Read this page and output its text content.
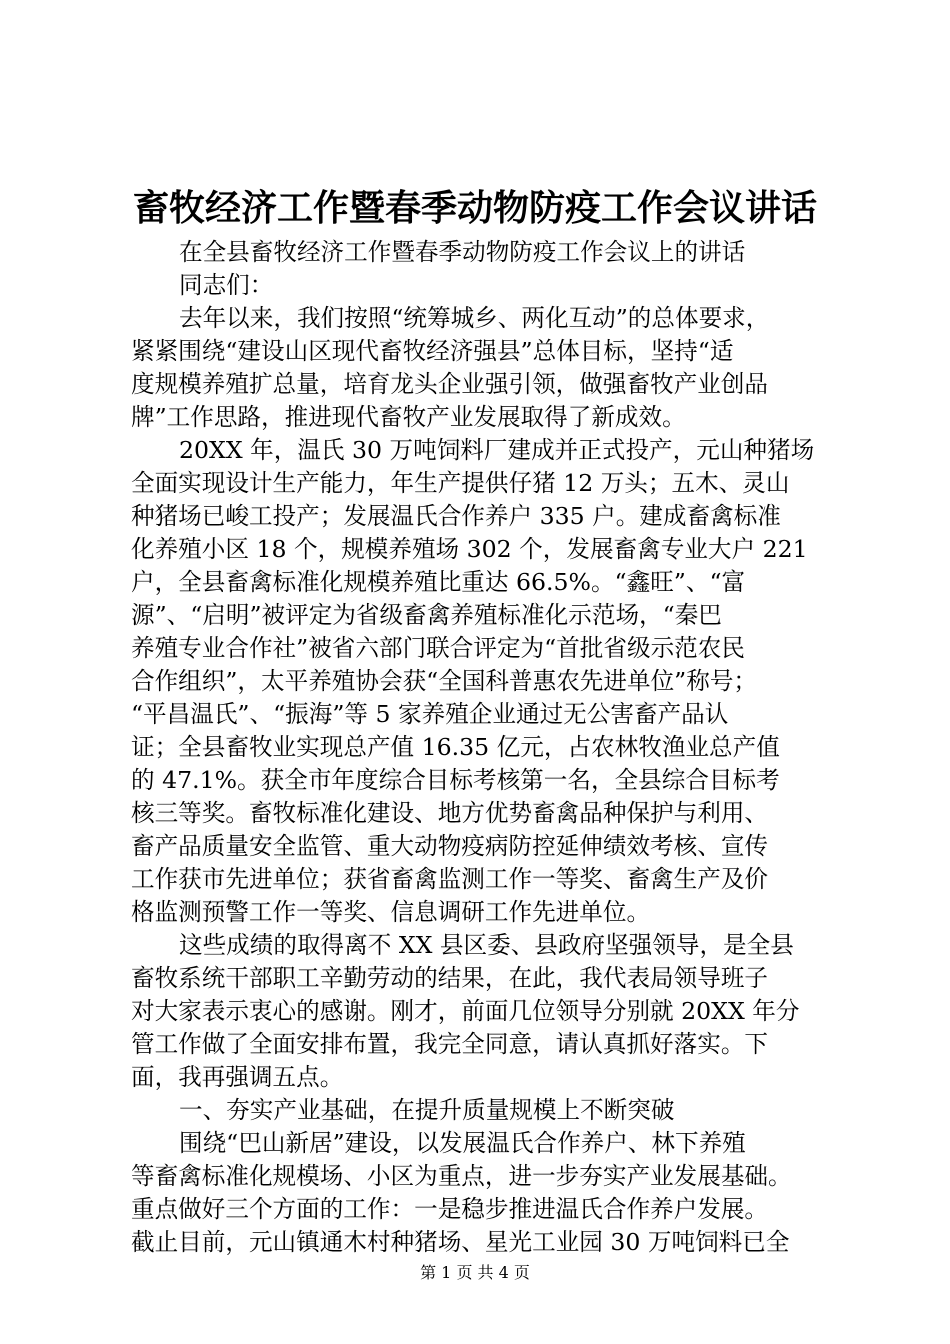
畜牧经济工作暨春季动物防疫工作会议讲话
在全县畜牧经济工作暨春季动物防疫工作会议上的讲话
同志们：
去年以来，我们按照“统筹城乡、两化互动”的总体要求，
紧紧围绕“建设山区现代畜牧经济强县”总体目标，坚持“适
度规模养殖扩总量，培育龙头企业强引领，做强畜牧产业创品
牌”工作思路，推进现代畜牧产业发展取得了新成效。
20XX 年，温氏 30 万吨饲料厂建成并正式投产，元山种猪场
全面实现设计生产能力，年生产提供仔猪 12 万头；五木、灵山
种猪场已峻工投产；发展温氏合作养户 335 户。建成畜禽标准
化养殖小区 18 个，规模养殖场 302 个，发展畜禽专业大户 221
户，全县畜禽标准化规模养殖比重达 66.5%。“鑫旺”、“富
源”、“启明”被评定为省级畜禽养殖标准化示范场，“秦巴
养殖专业合作社”被省六部门联合评定为“首批省级示范农民
合作组织”，太平养殖协会获“全国科普惠农先进单位”称号；
“平昌温氏”、“振海”等 5 家养殖企业通过无公害畜产品认
证；全县畜牧业实现总产值 16.35 亿元，占农林牧渔业总产值
的 47.1%。获全市年度综合目标考核第一名，全县综合目标考
核三等奖。畜牧标准化建设、地方优势畜禽品种保护与利用、
畜产品质量安全监管、重大动物疫病防控延伸绩效考核、宣传
工作获市先进单位；获省畜禽监测工作一等奖、畜禽生产及价
格监测预警工作一等奖、信息调研工作先进单位。
这些成绩的取得离不 XX 县区委、县政府坚强领导，是全县
畜牧系统干部职工辛勤劳动的结果，在此，我代表局领导班子
对大家表示衷心的感谢。刚才，前面几位领导分别就 20XX 年分
管工作做了全面安排布置，我完全同意，请认真抓好落实。下
面，我再强调五点。
一、夯实产业基础，在提升质量规模上不断突破
围绕“巴山新居”建设，以发展温氏合作养户、林下养殖
等畜禽标准化规模场、小区为重点，进一步夯实产业发展基础。
重点做好三个方面的工作：一是稳步推进温氏合作养户发展。
截止目前，元山镇通木村种猪场、星光工业园 30 万吨饲料已全
第 1 页 共 4 页
